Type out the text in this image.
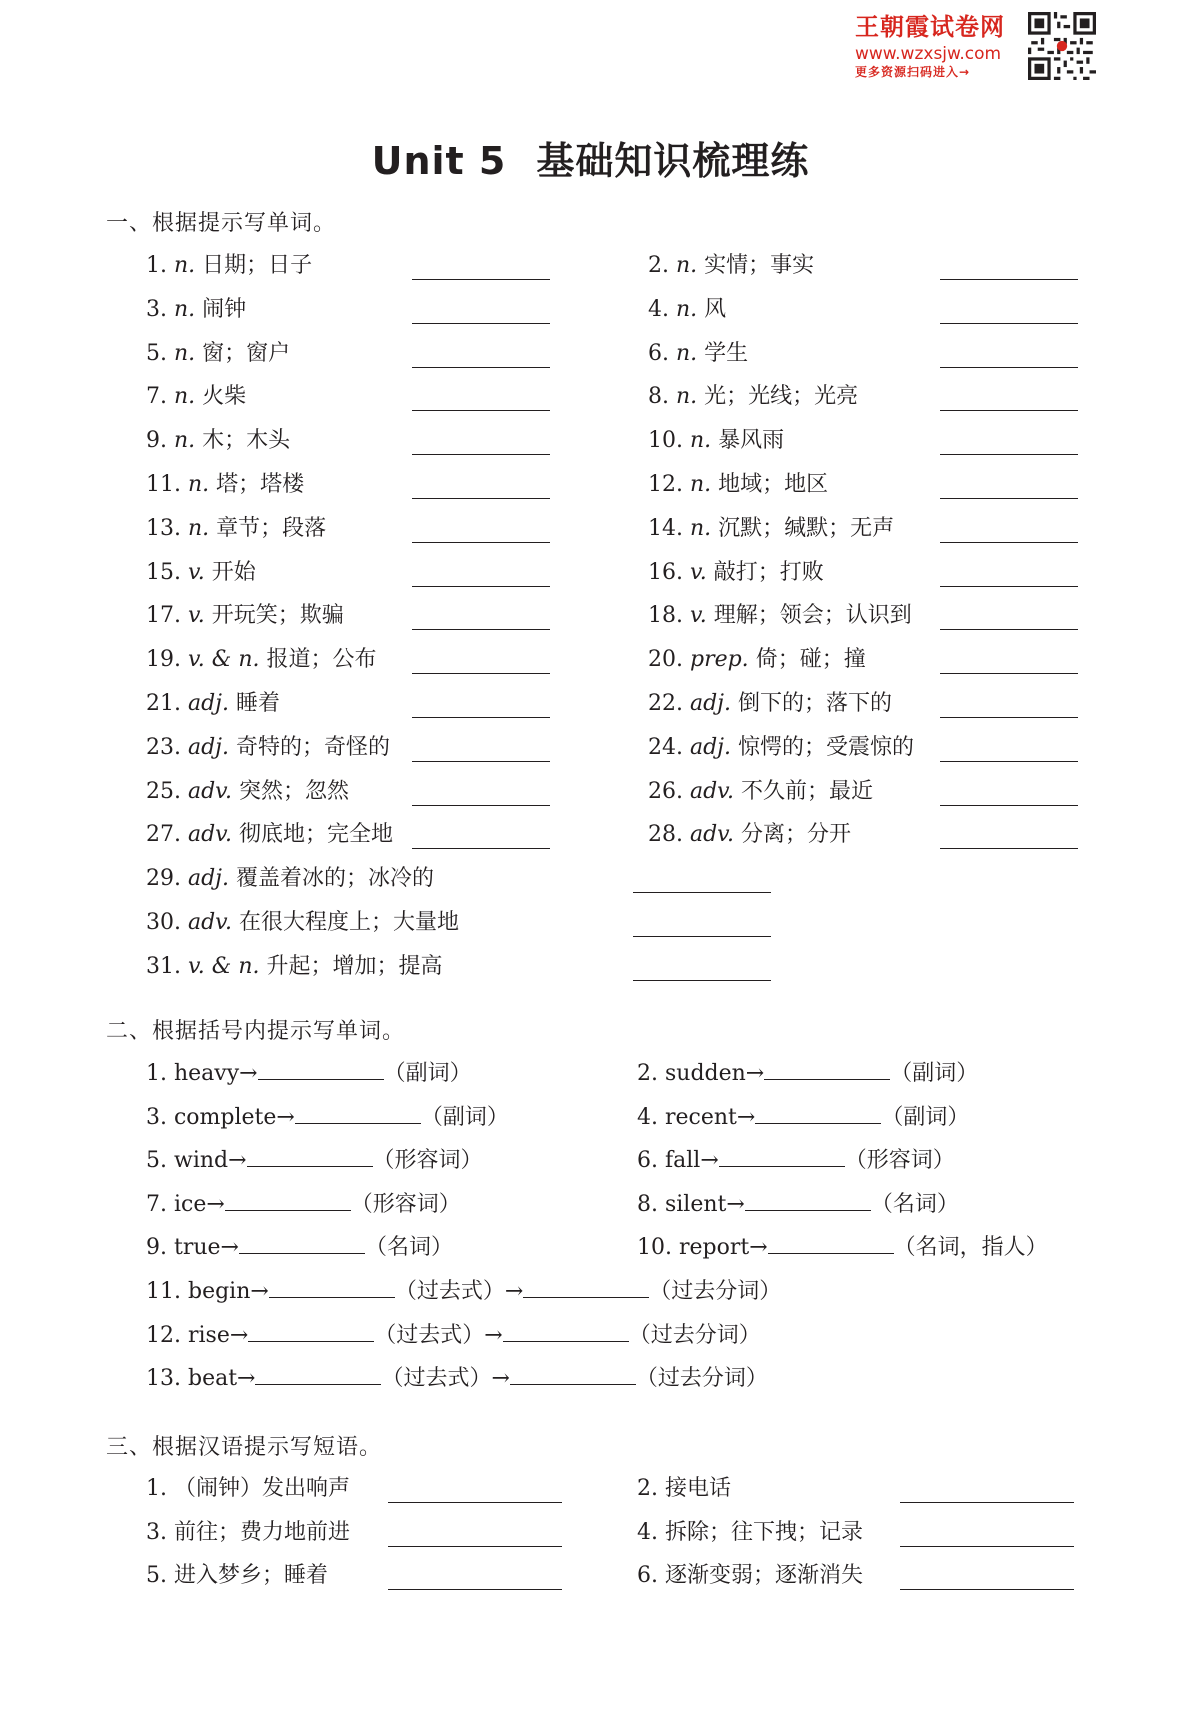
王朝霞试卷网
www.wzxsjw.com
更多资源扫码进入→
Unit 5 基础知识梳理练
一、根据提示写单词。
二、根据括号内提示写单词。
三、根据汉语提示写短语。
1. n. 日期；日子	2. n. 实情；事实
3. n. 闹钟	4. n. 风
5. n. 窗；窗户	6. n. 学生
7. n. 火柴	8. n. 光；光线；光亮
9. n. 木；木头	10. n. 暴风雨
11. n. 塔；塔楼	12. n. 地域；地区
13. n. 章节；段落	14. n. 沉默；缄默；无声
15. v. 开始	16. v. 敲打；打败
17. v. 开玩笑；欺骗	18. v. 理解；领会；认识到
19. v. & n. 报道；公布	20. prep. 倚；碰；撞
21. adj. 睡着	22. adj. 倒下的；落下的
23. adj. 奇特的；奇怪的	24. adj. 惊愕的；受震惊的
25. adv. 突然；忽然	26. adv. 不久前；最近
27. adv. 彻底地；完全地	28. adv. 分离；分开
29. adj. 覆盖着冰的；冰冷的
30. adv. 在很大程度上；大量地
31. v. & n. 升起；增加；提高
1. heavy→	（副词）	2. sudden→	（副词）
3. complete→	（副词）	4. recent→	（副词）
5. wind→	（形容词）	6. fall→	（形容词）
7. ice→	（形容词）	8. silent→	（名词）
9. true→	（名词）	10. report→	（名词，指人）
11. begin→	（过去式）→	（过去分词）
12. rise→	（过去式）→	（过去分词）
13. beat→	（过去式）→	（过去分词）
1. （闹钟）发出响声	2. 接电话
3. 前往；费力地前进	4. 拆除；往下拽；记录
5. 进入梦乡；睡着	6. 逐渐变弱；逐渐消失
